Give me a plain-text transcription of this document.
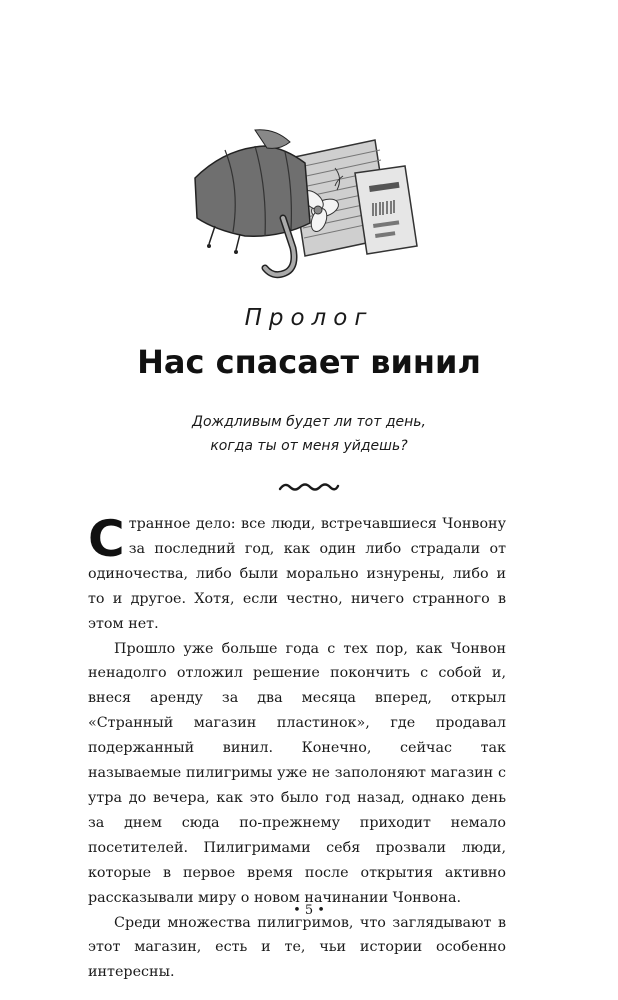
Пролог
Нас спасает винил
Дождливым будет ли тот день,
когда ты от меня уйдешь?

Странное дело: все люди, встречавшиеся Чонвону за последний год, как один либо страдали от одиночества, либо были морально изнурены, либо и то и другое. Хотя, если честно, ничего странного в этом нет.

Прошло уже больше года с тех пор, как Чонвон ненадолго отложил решение покончить с собой и, внеся аренду за два месяца вперед, открыл «Странный магазин пластинок», где продавал подержанный винил. Конечно, сейчас так называемые пилигримы уже не заполоняют магазин с утра до вечера, как это было год назад, однако день за днем сюда по-прежнему приходит немало посетителей. Пилигримами себя прозвали люди, которые в первое время после открытия активно рассказывали миру о новом начинании Чонвона.

Среди множества пилигримов, что заглядывают в этот магазин, есть и те, чьи истории особенно интересны.

• 5 •
